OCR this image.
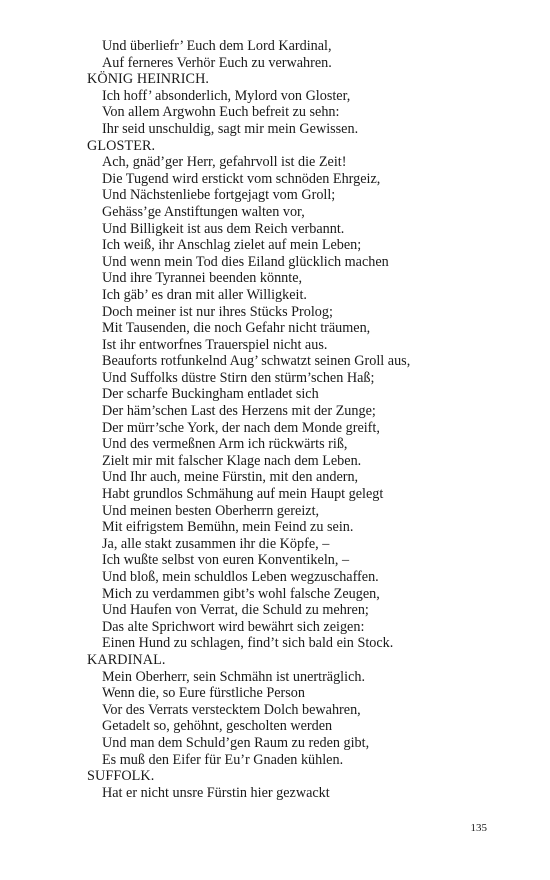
Und überliefr’ Euch dem Lord Kardinal,
Auf ferneres Verhör Euch zu verwahren.
KÖNIG HEINRICH.
Ich hoff’ absonderlich, Mylord von Gloster,
Von allem Argwohn Euch befreit zu sehn:
Ihr seid unschuldig, sagt mir mein Gewissen.
GLOSTER.
Ach, gnäd’ger Herr, gefahrvoll ist die Zeit!
Die Tugend wird erstickt vom schnöden Ehrgeiz,
Und Nächstenliebe fortgejagt vom Groll;
Gehäss’ge Anstiftungen walten vor,
Und Billigkeit ist aus dem Reich verbannt.
Ich weiß, ihr Anschlag zielet auf mein Leben;
Und wenn mein Tod dies Eiland glücklich machen
Und ihre Tyrannei beenden könnte,
Ich gäb’ es dran mit aller Willigkeit.
Doch meiner ist nur ihres Stücks Prolog;
Mit Tausenden, die noch Gefahr nicht träumen,
Ist ihr entworfnes Trauerspiel nicht aus.
Beauforts rotfunkelnd Aug’ schwatzt seinen Groll aus,
Und Suffolks düstre Stirn den stürm’schen Haß;
Der scharfe Buckingham entladet sich
Der häm’schen Last des Herzens mit der Zunge;
Der mürr’sche York, der nach dem Monde greift,
Und des vermeßnen Arm ich rückwärts riß,
Zielt mir mit falscher Klage nach dem Leben.
Und Ihr auch, meine Fürstin, mit den andern,
Habt grundlos Schmähung auf mein Haupt gelegt
Und meinen besten Oberherrn gereizt,
Mit eifrigstem Bemühn, mein Feind zu sein.
Ja, alle stakt zusammen ihr die Köpfe, –
Ich wußte selbst von euren Konventikeln, –
Und bloß, mein schuldlos Leben wegzuschaffen.
Mich zu verdammen gibt’s wohl falsche Zeugen,
Und Haufen von Verrat, die Schuld zu mehren;
Das alte Sprichwort wird bewährt sich zeigen:
Einen Hund zu schlagen, find’t sich bald ein Stock.
KARDINAL.
Mein Oberherr, sein Schmähn ist unerträglich.
Wenn die, so Eure fürstliche Person
Vor des Verrats verstecktem Dolch bewahren,
Getadelt so, gehöhnt, gescholten werden
Und man dem Schuld’gen Raum zu reden gibt,
Es muß den Eifer für Eu’r Gnaden kühlen.
SUFFOLK.
Hat er nicht unsre Fürstin hier gezwackt
135
